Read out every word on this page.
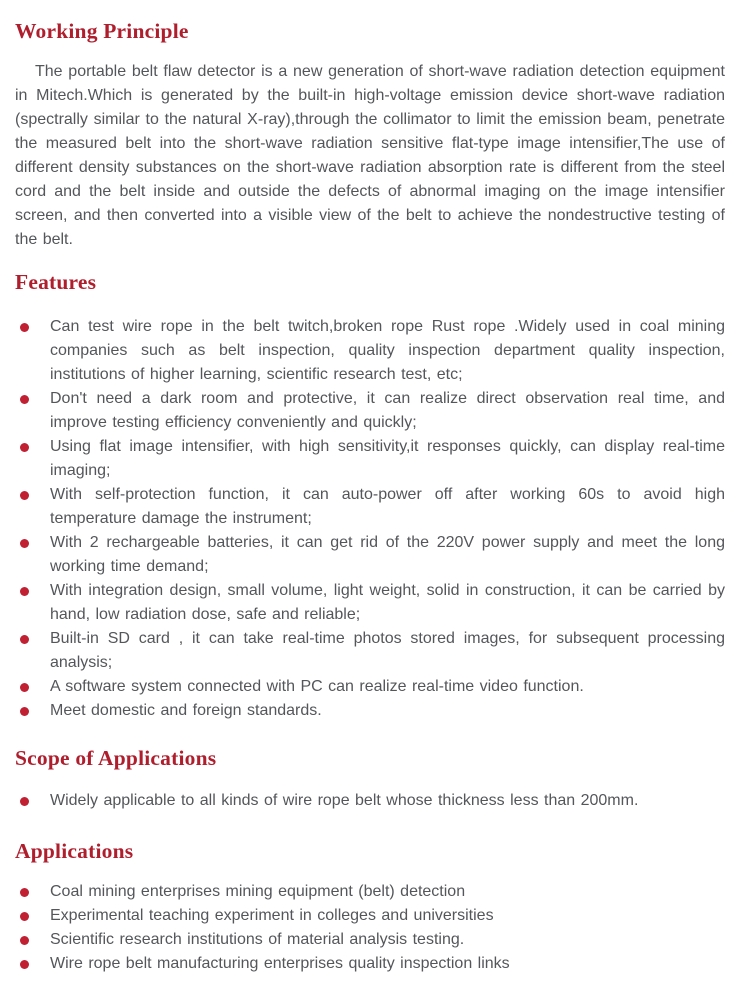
Working Principle

The portable belt flaw detector is a new generation of short-wave radiation detection equipment in Mitech.Which is generated by the built-in high-voltage emission device short-wave radiation (spectrally similar to the natural X-ray),through the collimator to limit the emission beam, penetrate the measured belt into the short-wave radiation sensitive flat-type image intensifier,The use of different density substances on the short-wave radiation absorption rate is different from the steel cord and the belt inside and outside the defects of abnormal imaging on the image intensifier screen, and then converted into a visible view of the belt to achieve the nondestructive testing of the belt.

Features
Can test wire rope in the belt twitch,broken rope Rust rope .Widely used in coal mining companies such as belt inspection, quality inspection department quality inspection, institutions of higher learning, scientific research test, etc;
Don't need a dark room and protective, it can realize direct observation real time, and improve testing efficiency conveniently and quickly;
Using flat image intensifier, with high sensitivity,it responses quickly, can display real-time imaging;
With self-protection function, it can auto-power off after working 60s to avoid high temperature damage the instrument;
With 2 rechargeable batteries, it can get rid of the 220V power supply and meet the long working time demand;
With integration design, small volume, light weight, solid in construction, it can be carried by hand, low radiation dose, safe and reliable;
Built-in SD card , it can take real-time photos stored images, for subsequent processing analysis;
A software system connected with PC can realize real-time video function.
Meet domestic and foreign standards.
Scope of Applications
Widely applicable to all kinds of wire rope belt whose thickness less than 200mm.
Applications
Coal mining enterprises mining equipment (belt) detection
Experimental teaching experiment in colleges and universities
Scientific research institutions of material analysis testing.
Wire rope belt manufacturing enterprises quality inspection links
